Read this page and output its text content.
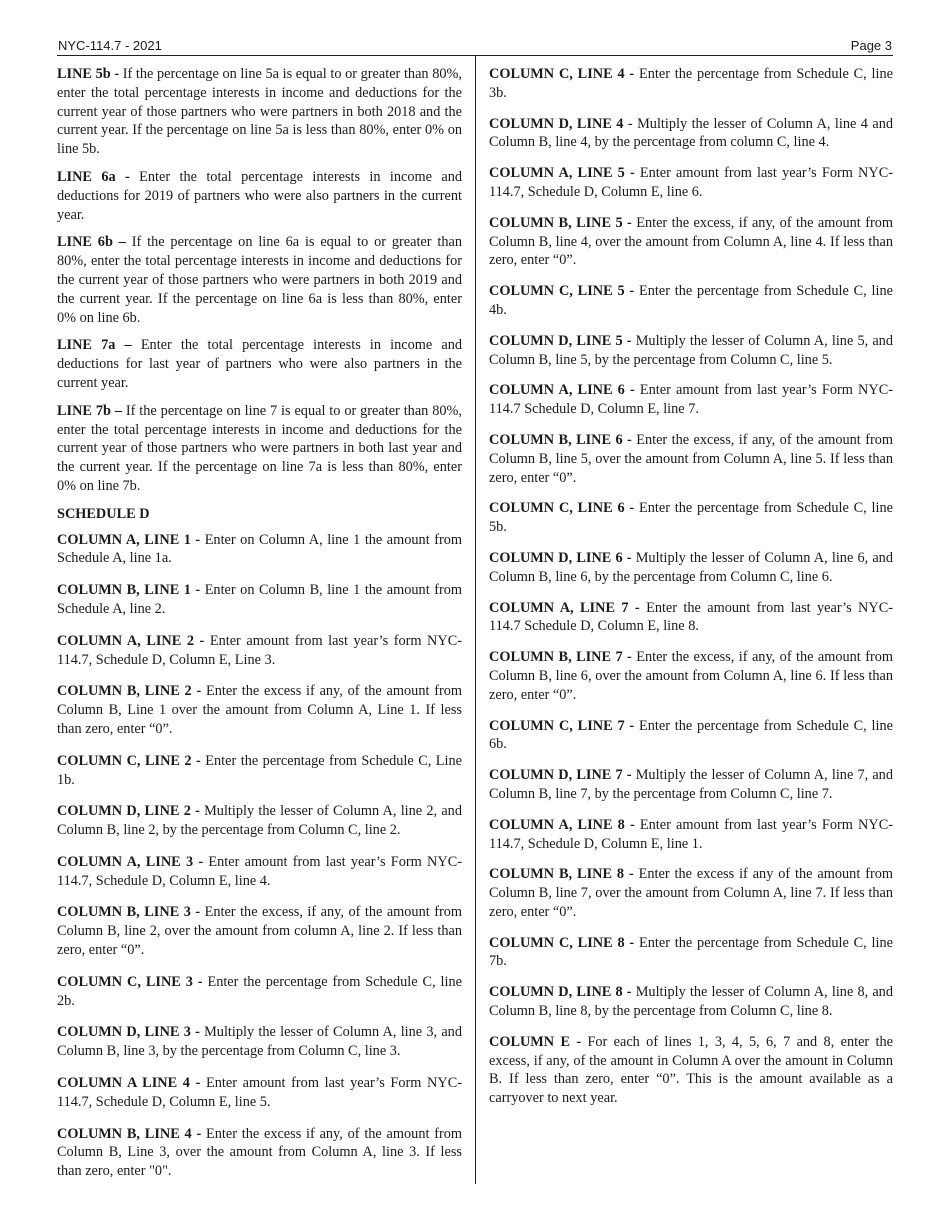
NYC-114.7 - 2021	Page 3

LINE 5b - If the percentage on line 5a is equal to or greater than 80%, enter the total percentage interests in income and deductions for the current year of those partners who were partners in both 2018 and the current year. If the percentage on line 5a is less than 80%, enter 0% on line 5b.

LINE 6a - Enter the total percentage interests in income and deductions for 2019 of partners who were also partners in the current year.

LINE 6b – If the percentage on line 6a is equal to or greater than 80%, enter the total percentage interests in income and deductions for the current year of those partners who were partners in both 2019 and the current year. If the percentage on line 6a is less than 80%, enter 0% on line 6b.

LINE 7a – Enter the total percentage interests in income and deductions for last year of partners who were also partners in the current year.

LINE 7b – If the percentage on line 7 is equal to or greater than 80%, enter the total percentage interests in income and deductions for the current year of those partners who were partners in both last year and the current year. If the percentage on line 7a is less than 80%, enter 0% on line 7b.

SCHEDULE D

COLUMN A, LINE 1 - Enter on Column A, line 1 the amount from Schedule A, line 1a.

COLUMN B, LINE 1 - Enter on Column B, line 1 the amount from Schedule A, line 2.

COLUMN A, LINE 2 - Enter amount from last year’s form NYC-114.7, Schedule D, Column E, Line 3.

COLUMN B, LINE 2 - Enter the excess if any, of the amount from Column B, Line 1 over the amount from Column A, Line 1. If less than zero, enter “0”.

COLUMN C, LINE 2 - Enter the percentage from Schedule C, Line 1b.

COLUMN D, LINE 2 - Multiply the lesser of Column A, line 2, and Column B, line 2, by the percentage from Column C, line 2.

COLUMN A, LINE 3 - Enter amount from last year’s Form NYC-114.7, Schedule D, Column E, line 4.

COLUMN B, LINE 3 - Enter the excess, if any, of the amount from Column B, line 2, over the amount from column A, line 2. If less than zero, enter “0”.

COLUMN C, LINE 3 - Enter the percentage from Schedule C, line 2b.

COLUMN D, LINE 3 - Multiply the lesser of Column A, line 3, and Column B, line 3, by the percentage from Column C, line 3.

COLUMN A LINE 4 - Enter amount from last year’s Form NYC-114.7, Schedule D, Column E, line 5.

COLUMN B, LINE 4 - Enter the excess if any, of the amount from Column B, Line 3, over the amount from Column A, line 3. If less than zero, enter "0".

COLUMN C, LINE 4 - Enter the percentage from Schedule C, line 3b.

COLUMN D, LINE 4 - Multiply the lesser of Column A, line 4 and Column B, line 4, by the percentage from column C, line 4.

COLUMN A, LINE 5 - Enter amount from last year’s Form NYC-114.7, Schedule D, Column E, line 6.

COLUMN B, LINE 5 - Enter the excess, if any, of the amount from Column B, line 4, over the amount from Column A, line 4. If less than zero, enter “0”.

COLUMN C, LINE 5 - Enter the percentage from Schedule C, line 4b.

COLUMN D, LINE 5 - Multiply the lesser of Column A, line 5, and Column B, line 5, by the percentage from Column C, line 5.

COLUMN A, LINE 6 - Enter amount from last year’s Form NYC-114.7 Schedule D, Column E, line 7.

COLUMN B, LINE 6 - Enter the excess, if any, of the amount from Column B, line 5, over the amount from Column A, line 5. If less than zero, enter “0”.

COLUMN C, LINE 6 - Enter the percentage from Schedule C, line 5b.

COLUMN D, LINE 6 - Multiply the lesser of Column A, line 6, and Column B, line 6, by the percentage from Column C, line 6.

COLUMN A, LINE 7 - Enter the amount from last year’s NYC-114.7 Schedule D, Column E, line 8.

COLUMN B, LINE 7 - Enter the excess, if any, of the amount from Column B, line 6, over the amount from Column A, line 6. If less than zero, enter “0”.

COLUMN C, LINE 7 - Enter the percentage from Schedule C, line 6b.

COLUMN D, LINE 7 - Multiply the lesser of Column A, line 7, and Column B, line 7, by the percentage from Column C, line 7.

COLUMN A, LINE 8 - Enter amount from last year’s Form NYC-114.7, Schedule D, Column E, line 1.

COLUMN B, LINE 8 - Enter the excess if any of the amount from Column B, line 7, over the amount from Column A, line 7. If less than zero, enter “0”.

COLUMN C, LINE 8 - Enter the percentage from Schedule C, line 7b.

COLUMN D, LINE 8 - Multiply the lesser of Column A, line 8, and Column B, line 8, by the percentage from Column C, line 8.

COLUMN E - For each of lines 1, 3, 4, 5, 6, 7 and 8, enter the excess, if any, of the amount in Column A over the amount in Column B. If less than zero, enter “0”. This is the amount available as a carryover to next year.
